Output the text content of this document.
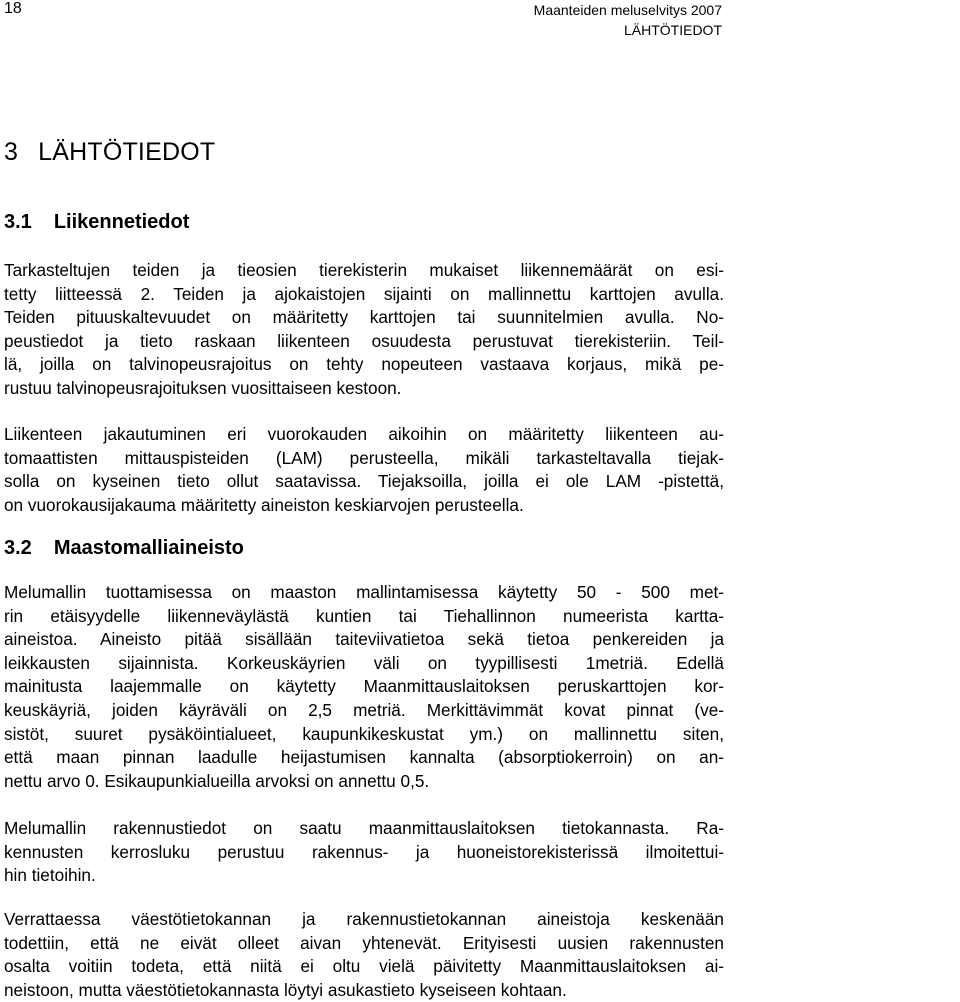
18	Maanteiden meluselvitys 2007
LÄHTÖTIEDOT
3 LÄHTÖTIEDOT
3.1 Liikennetiedot
Tarkasteltujen teiden ja tieosien tierekisterin mukaiset liikennemäärät on esi-
tetty liitteessä 2. Teiden ja ajokaistojen sijainti on mallinnettu karttojen avulla.
Teiden pituuskaltevuudet on määritetty karttojen tai suunnitelmien avulla. No-
peustiedot ja tieto raskaan liikenteen osuudesta perustuvat tierekisteriin. Teil-
lä, joilla on talvinopeusrajoitus on tehty nopeuteen vastaava korjaus, mikä pe-
rustuu talvinopeusrajoituksen vuosittaiseen kestoon.
Liikenteen jakautuminen eri vuorokauden aikoihin on määritetty liikenteen au-
tomaattisten mittauspisteiden (LAM) perusteella, mikäli tarkasteltavalla tiejak-
solla on kyseinen tieto ollut saatavissa. Tiejaksoilla, joilla ei ole LAM -pistettä,
on vuorokausijakauma määritetty aineiston keskiarvojen perusteella.
3.2 Maastomalliaineisto
Melumallin tuottamisessa on maaston mallintamisessa käytetty 50 - 500 met-
rin etäisyydelle liikenneväylästä kuntien tai Tiehallinnon numeerista kartta-
aineistoa. Aineisto pitää sisällään taiteviivatietoa sekä tietoa penkereiden ja
leikkausten sijainnista. Korkeuskäyrien väli on tyypillisesti 1metriä. Edellä
mainitusta laajemmalle on käytetty Maanmittauslaitoksen peruskarttojen kor-
keuskäyriä, joiden käyräväli on 2,5 metriä. Merkittävimmät kovat pinnat (ve-
sistöt, suuret pysäköintialueet, kaupunkikeskustat ym.) on mallinnettu siten,
että maan pinnan laadulle heijastumisen kannalta (absorptiokerroin) on an-
nettu arvo 0. Esikaupunkialueilla arvoksi on annettu 0,5.
Melumallin rakennustiedot on saatu maanmittauslaitoksen tietokannasta. Ra-
kennusten kerrosluku perustuu rakennus- ja huoneistorekisterissä ilmoitettui-
hin tietoihin.
Verrattaessa väestötietokannan ja rakennustietokannan aineistoja keskenään
todettiin, että ne eivät olleet aivan yhtenevät. Erityisesti uusien rakennusten
osalta voitiin todeta, että niitä ei oltu vielä päivitetty Maanmittauslaitoksen ai-
neistoon, mutta väestötietokannasta löytyi asukastieto kyseiseen kohtaan.
